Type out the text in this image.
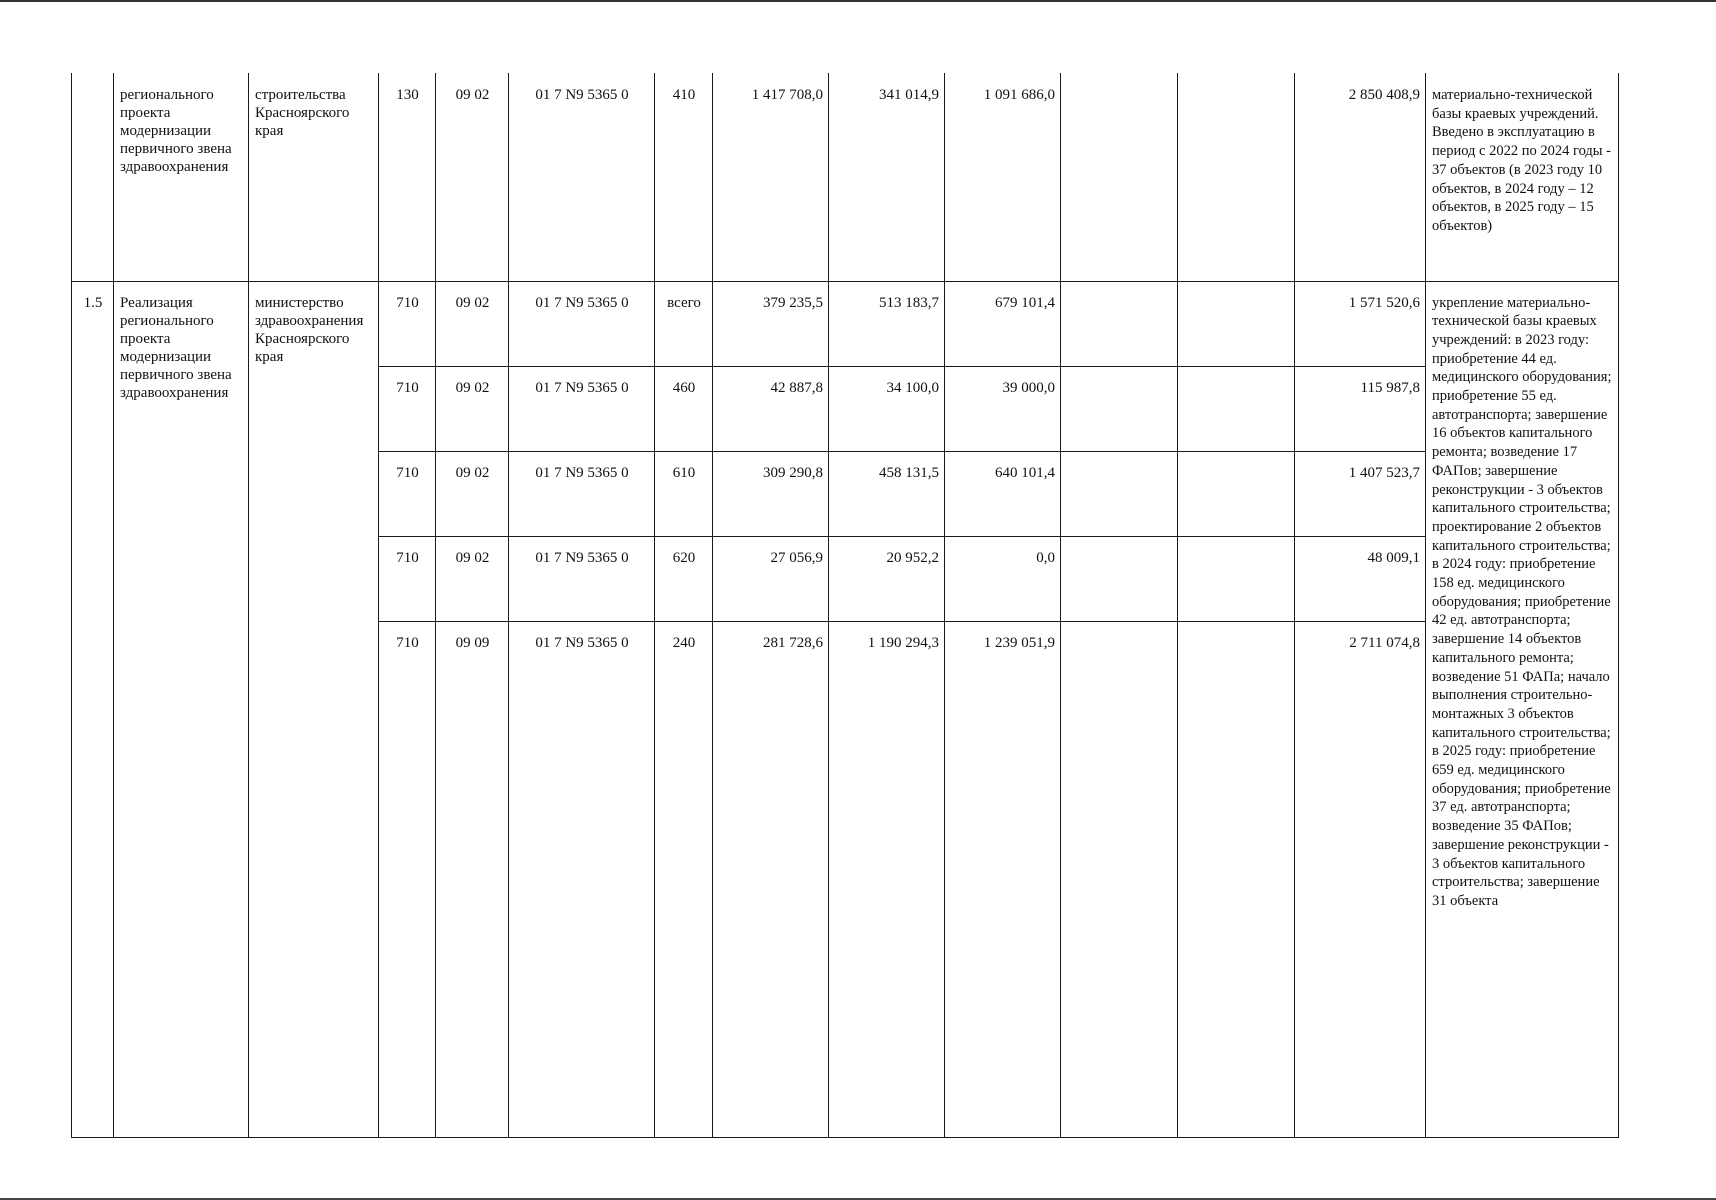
	регионального проекта модернизации первичного звена здравоохранения	строительства Красноярского края	130	09 02	01 7 N9 5365 0	410	1 417 708,0	341 014,9	1 091 686,0			2 850 408,9	материально-технической базы краевых учреждений. Введено в эксплуатацию в период с 2022 по 2024 годы - 37 объектов (в 2023 году 10 объектов, в 2024 году – 12 объектов, в 2025 году – 15 объектов)
1.5	Реализация регионального проекта модернизации первичного звена здравоохранения	министерство здравоохранения Красноярского края	710	09 02	01 7 N9 5365 0	всего	379 235,5	513 183,7	679 101,4			1 571 520,6	укрепление материально-технической базы краевых учреждений: в 2023 году: приобретение 44 ед. медицинского оборудования; приобретение 55 ед. автотранспорта; завершение 16 объектов капитального ремонта; возведение 17 ФАПов; завершение реконструкции - 3 объектов капитального строительства; проектирование 2 объектов капитального строительства; в 2024 году: приобретение 158 ед. медицинского оборудования; приобретение 42 ед. автотранспорта; завершение 14 объектов капитального ремонта; возведение 51 ФАПа; начало выполнения строительно-монтажных 3 объектов капитального строительства; в 2025 году: приобретение 659 ед. медицинского оборудования; приобретение 37 ед. автотранспорта; возведение 35 ФАПов; завершение реконструкции - 3 объектов капитального строительства; завершение 31 объекта
			710	09 02	01 7 N9 5365 0	460	42 887,8	34 100,0	39 000,0			115 987,8	
			710	09 02	01 7 N9 5365 0	610	309 290,8	458 131,5	640 101,4			1 407 523,7	
			710	09 02	01 7 N9 5365 0	620	27 056,9	20 952,2	0,0			48 009,1	
			710	09 09	01 7 N9 5365 0	240	281 728,6	1 190 294,3	1 239 051,9			2 711 074,8	
